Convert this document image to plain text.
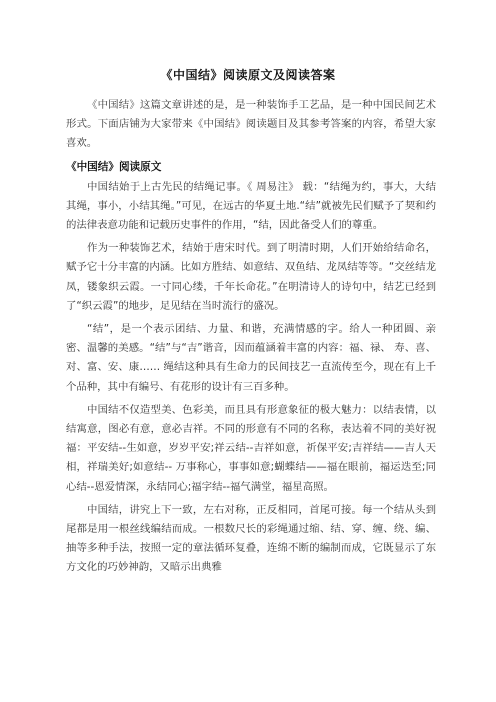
《中国结》阅读原文及阅读答案

《中国结》这篇文章讲述的是，是一种装饰手工艺品，是一种中国民间艺术形式。下面店铺为大家带来《中国结》阅读题目及其参考答案的内容，希望大家喜欢。

《中国结》阅读原文

中国结始于上古先民的结绳记事。《 周易注》 载：“结绳为约，事大，大结其绳，事小，小结其绳。”可见，在远古的华夏土地.“结”就被先民们赋予了契和约的法律表意功能和记载历史事件的作用，“结，因此备受人们的尊重。

作为一种装饰艺术，结始于唐宋时代。到了明清时期，人们开始给结命名，赋予它十分丰富的内涵。比如方胜结、如意结、双鱼结、龙凤结等等。“交丝结龙凤，镂象织云霞。一寸同心缕，千年长命花。”在明清诗人的诗句中，结艺已经到了“织云霞”的地步，足见结在当时流行的盛况。

“结”，是一个表示团结、力量、和谐，充满情感的字。给人一种团圆、亲密、温馨的美感。“结”与“吉”谐音，因而蕴涵着丰富的内容：福、禄、 寿、喜、对、富、安、康…… 绳结这种具有生命力的民间技艺一直流传至今，现在有上千个品种，其中有编号、有花形的设计有三百多种。

中国结不仅造型美、色彩美，而且具有形意象征的极大魅力：以结表情，以结寓意，图必有意，意必吉祥。不同的形意有不同的名称，表达着不同的美好祝福：平安结--生如意，岁岁平安;祥云结--吉祥如意，祈保平安;吉祥结——吉人天相，祥瑞美好;如意结-- 万事称心，事事如意;蝴蝶结——福在眼前，福运迭至;同心结--恩爱情深，永结同心;福字结--福气满堂，福星高照。

中国结，讲究上下一致，左右对称，正反相同，首尾可接。每一个结从头到尾都是用一根丝线编结而成。一根数尺长的彩绳通过缩、结、穿、缠、绕、编、抽等多种手法，按照一定的章法循环复叠，连绵不断的编制而成，它既显示了东方文化的巧妙神韵，又暗示出典雅
